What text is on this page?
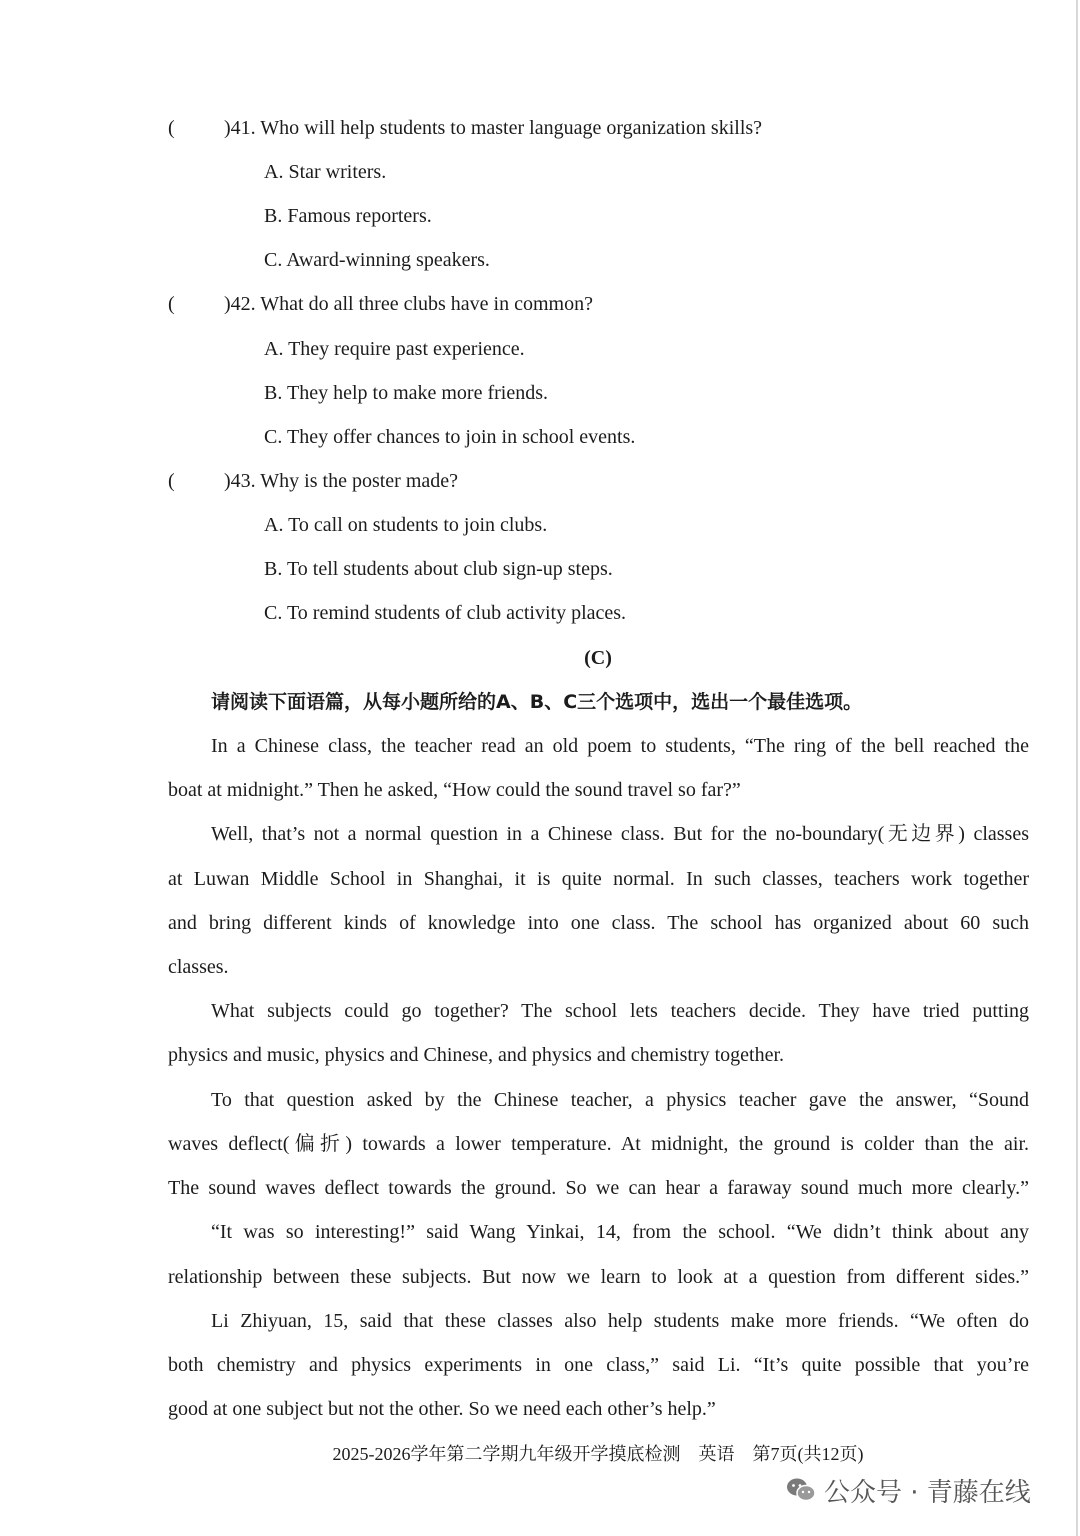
( )41. Who will help students to master language organization skills?
A. Star writers.
B. Famous reporters.
C. Award-winning speakers.
( )42. What do all three clubs have in common?
A. They require past experience.
B. They help to make more friends.
C. They offer chances to join in school events.
( )43. Why is the poster made?
A. To call on students to join clubs.
B. To tell students about club sign-up steps.
C. To remind students of club activity places.
(C)
请阅读下面语篇，从每小题所给的A、B、C三个选项中，选出一个最佳选项。
In a Chinese class, the teacher read an old poem to students, “The ring of the bell reached the
boat at midnight.” Then he asked, “How could the sound travel so far?”
Well, that’s not a normal question in a Chinese class. But for the no-boundary(无边界) classes
at Luwan Middle School in Shanghai, it is quite normal. In such classes, teachers work together
and bring different kinds of knowledge into one class. The school has organized about 60 such
classes.
What subjects could go together? The school lets teachers decide. They have tried putting
physics and music, physics and Chinese, and physics and chemistry together.
To that question asked by the Chinese teacher, a physics teacher gave the answer, “Sound
waves deflect(偏折) towards a lower temperature. At midnight, the ground is colder than the air.
The sound waves deflect towards the ground. So we can hear a faraway sound much more clearly.”
“It was so interesting!” said Wang Yinkai, 14, from the school. “We didn’t think about any
relationship between these subjects. But now we learn to look at a question from different sides.”
Li Zhiyuan, 15, said that these classes also help students make more friends. “We often do
both chemistry and physics experiments in one class,” said Li. “It’s quite possible that you’re
good at one subject but not the other. So we need each other’s help.”
2025-2026学年第二学期九年级开学摸底检测　英语　第7页(共12页)
公众号 · 青藤在线
